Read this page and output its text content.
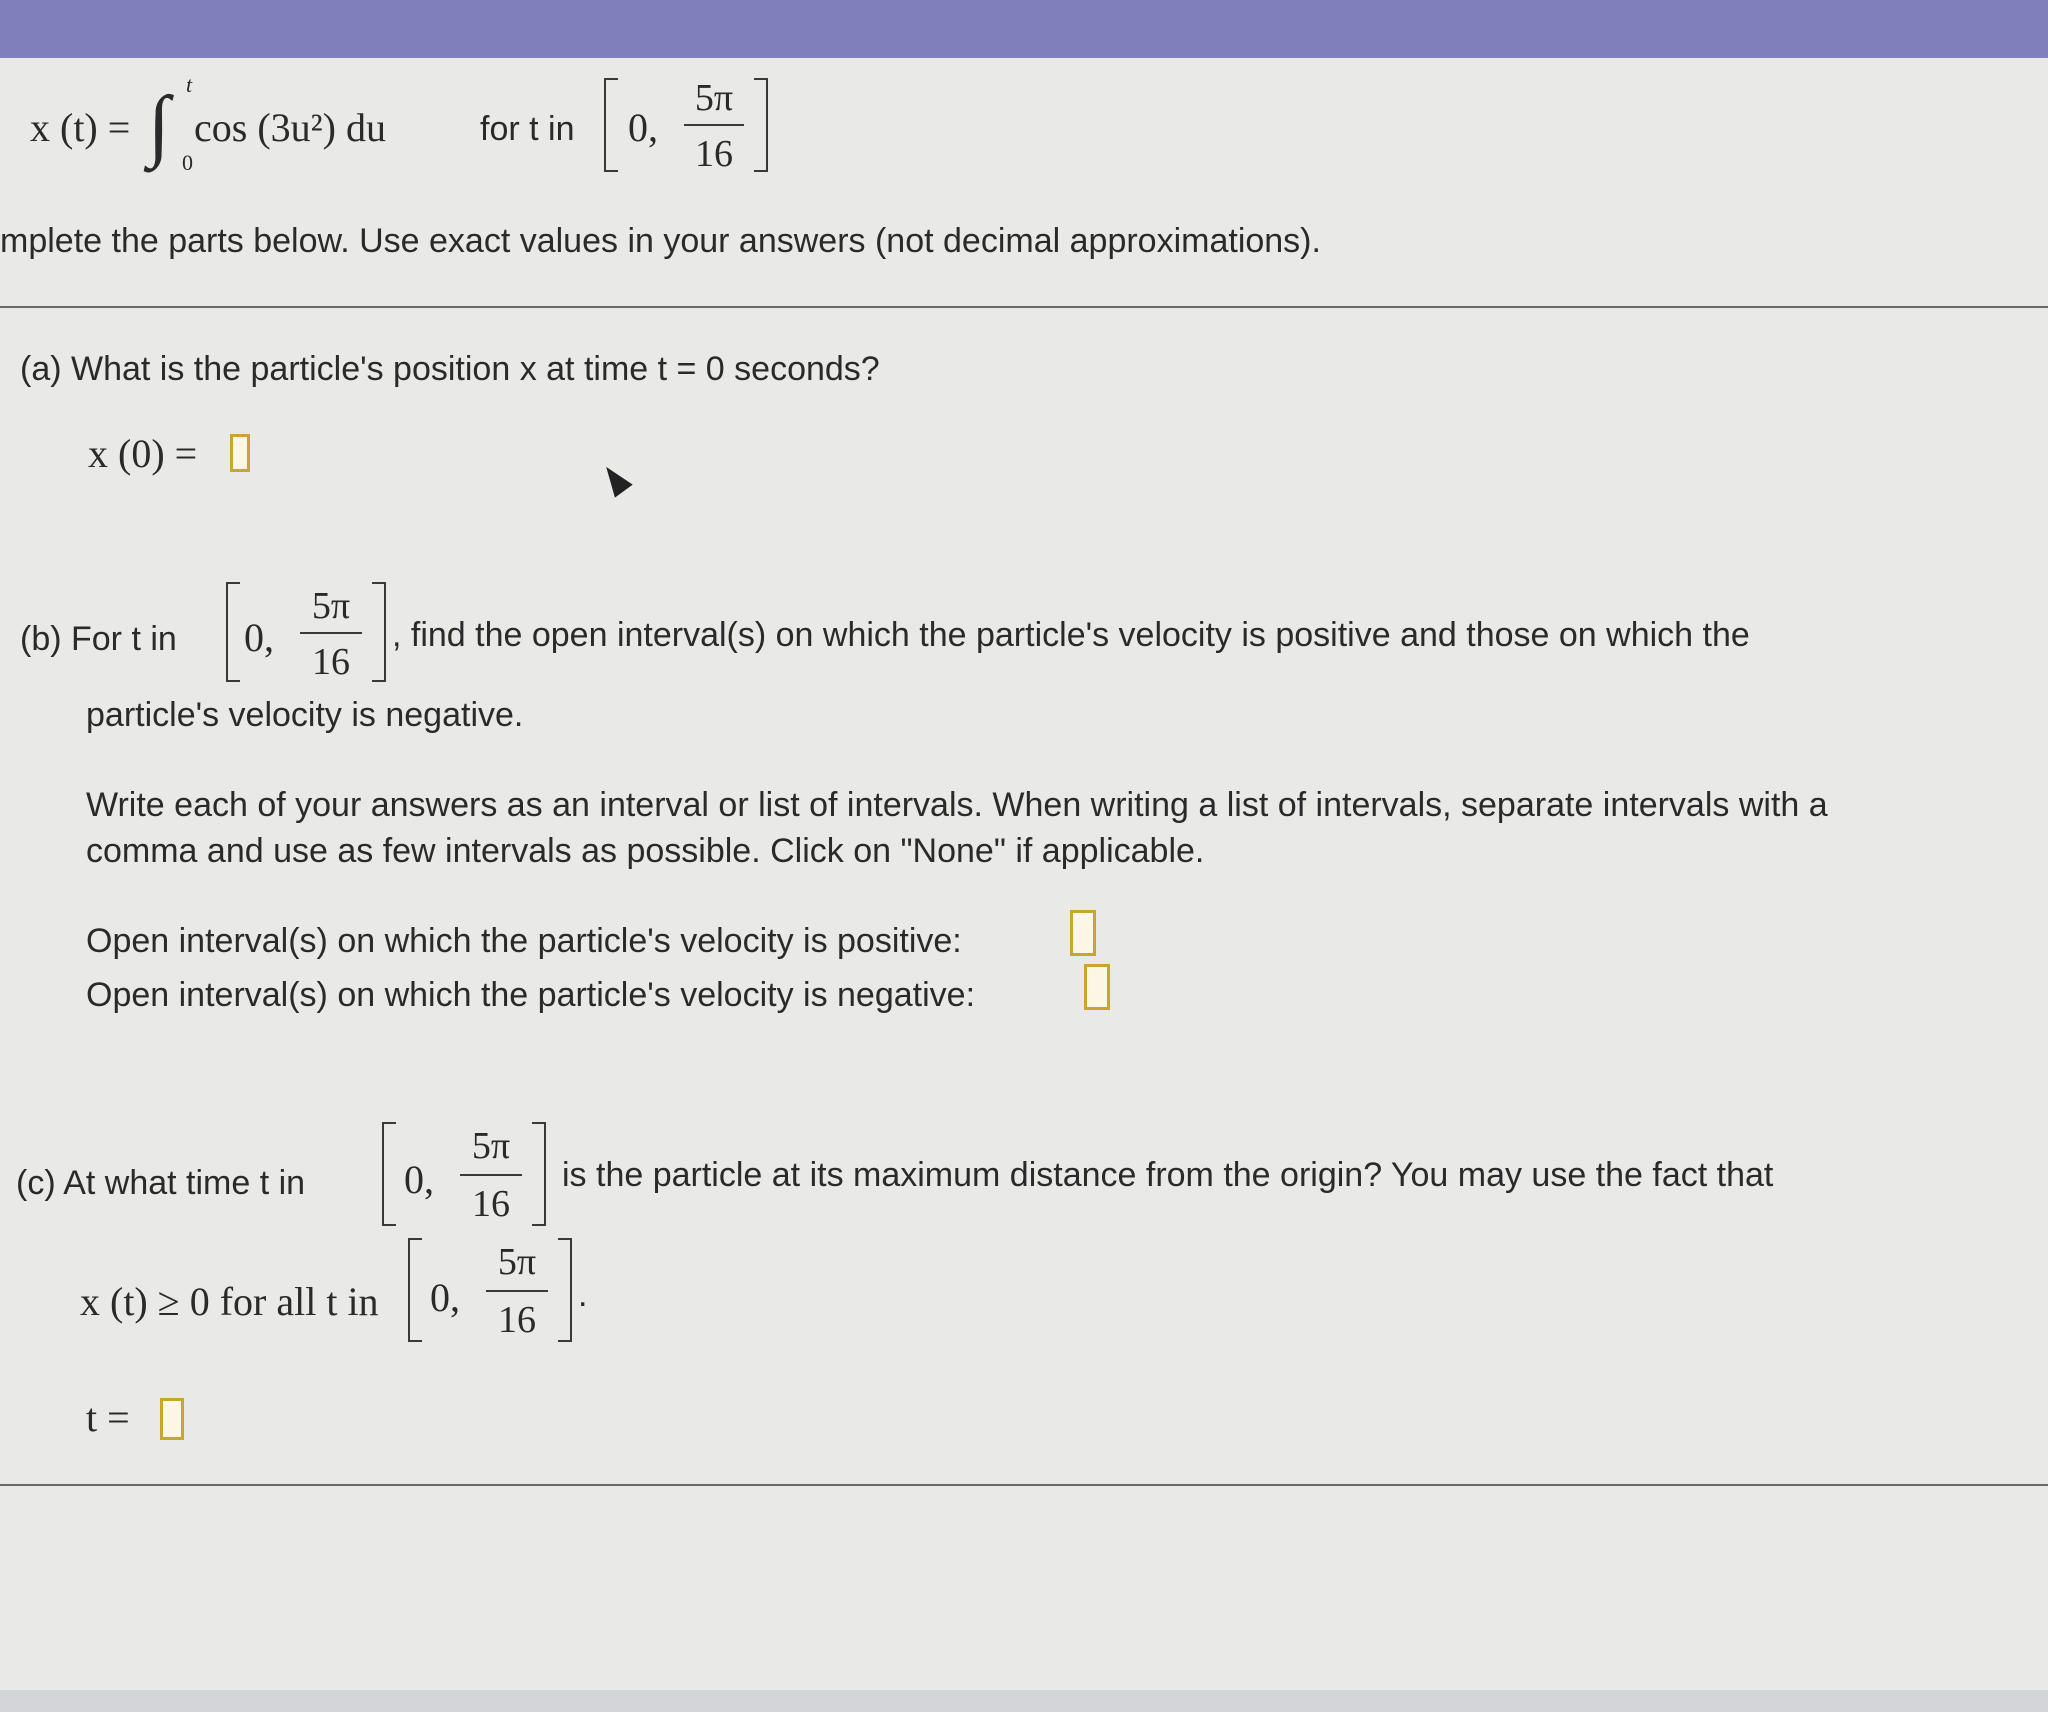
x (t) = ∫ t
0
cos (3u²) du	for t in 0,
5π
16
mplete the parts below. Use exact values in your answers (not decimal approximations).
(a) What is the particle's position x at time t = 0 seconds?
x (0) =
(b) For t in 0,
5π
16
, find the open interval(s) on which the particle's velocity is positive and those on which the
particle's velocity is negative.
Write each of your answers as an interval or list of intervals. When writing a list of intervals, separate intervals with a
comma and use as few intervals as possible. Click on "None" if applicable.
Open interval(s) on which the particle's velocity is positive:
Open interval(s) on which the particle's velocity is negative:
(c) At what time t in 0,
5π
16
is the particle at its maximum distance from the origin? You may use the fact that
x (t) ≥ 0 for all t in 0,
5π
16
.
t =
